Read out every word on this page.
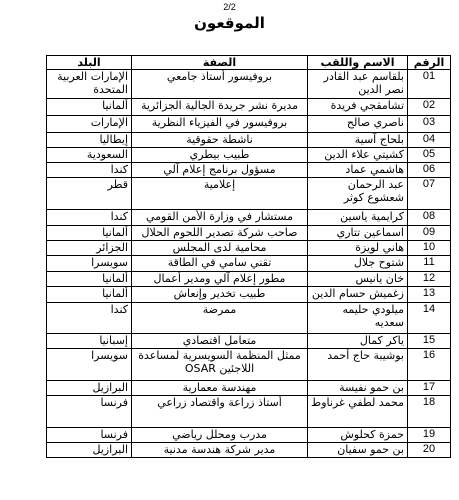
2/2
الموقعون
الرقم	الاسم واللقب	الصفة	البلد
01	بلقاسم عبد القادر نصر الدين	بروفيسور أستاذ جامعي	الإمارات العربية المتحدة
02	تشامقجي فريدة	مديرة نشر جريدة الجالية الجزائرية	ألمانيا
03	ناصري صالح	بروفيسور في الفيزياء النظرية	الإمارات
04	بلحاج آسية	ناشطة حقوقية	إيطاليا
05	كشيتي علاء الدين	طبيب بيطري	السعودية
06	هاشمي عماد	مسؤول برنامج إعلام آلي	كندا
07	عبد الرحمان شعشوع كوثر	إعلامية	قطر
08	كرايمية ياسين	مستشار في وزارة الأمن القومي	كندا
09	اسماعين تتاري	صاحب شركة تصدير اللحوم الحلال	ألمانيا
10	هاني لويزة	محامية لدى المجلس	الجزائر
11	شتوح جلال	تقني سامي في الطاقة	سويسرا
12	خان يانيس	مطور إعلام آلي ومدير أعمال	ألمانيا
13	زغميش حسام الدين	طبيب تخدير وإنعاش	ألمانيا
14	ميلودي حليمه سعديه	ممرضة	كندا
15	ياكر كمال	متعامل اقتصادي	إسبانيا
16	بوشيبة حاج أحمد	ممثل المنظمة السويسرية لمساعدة اللاجئين OSAR	سويسرا
17	بن حمو نفيسة	مهندسة معمارية	البرازيل
18	محمد لطفي غرناوط	أستاذ زراعة واقتصاد زراعي	فرنسا
19	حمزة كحلوش	مدرب ومحلل رياضي	فرنسا
20	بن حمو سفيان	مدير شركة هندسة مدنية	البرازيل
